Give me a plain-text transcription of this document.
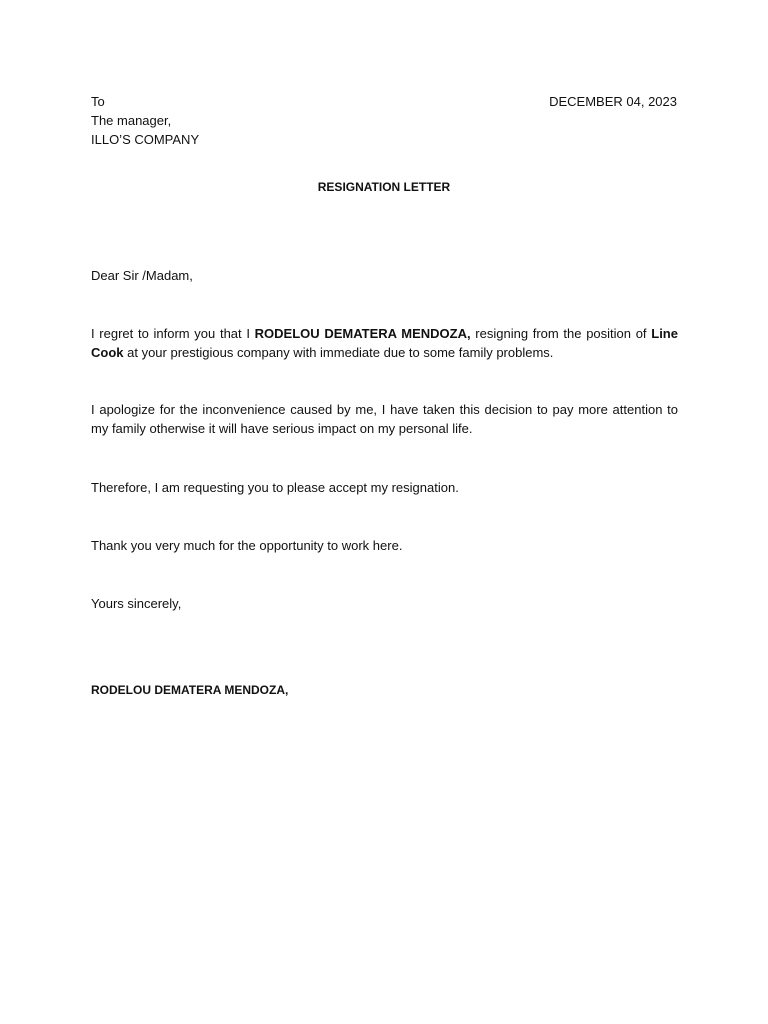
To
The manager,
ILLO’S COMPANY
DECEMBER 04, 2023
RESIGNATION LETTER
Dear Sir /Madam,
I regret to inform you that I RODELOU DEMATERA MENDOZA, resigning from the position of Line Cook at your prestigious company with immediate due to some family problems.
I apologize for the inconvenience caused by me, I have taken this decision to pay more attention to my family otherwise it will have serious impact on my personal life.
Therefore, I am requesting you to please accept my resignation.
Thank you very much for the opportunity to work here.
Yours sincerely,
RODELOU DEMATERA MENDOZA,
